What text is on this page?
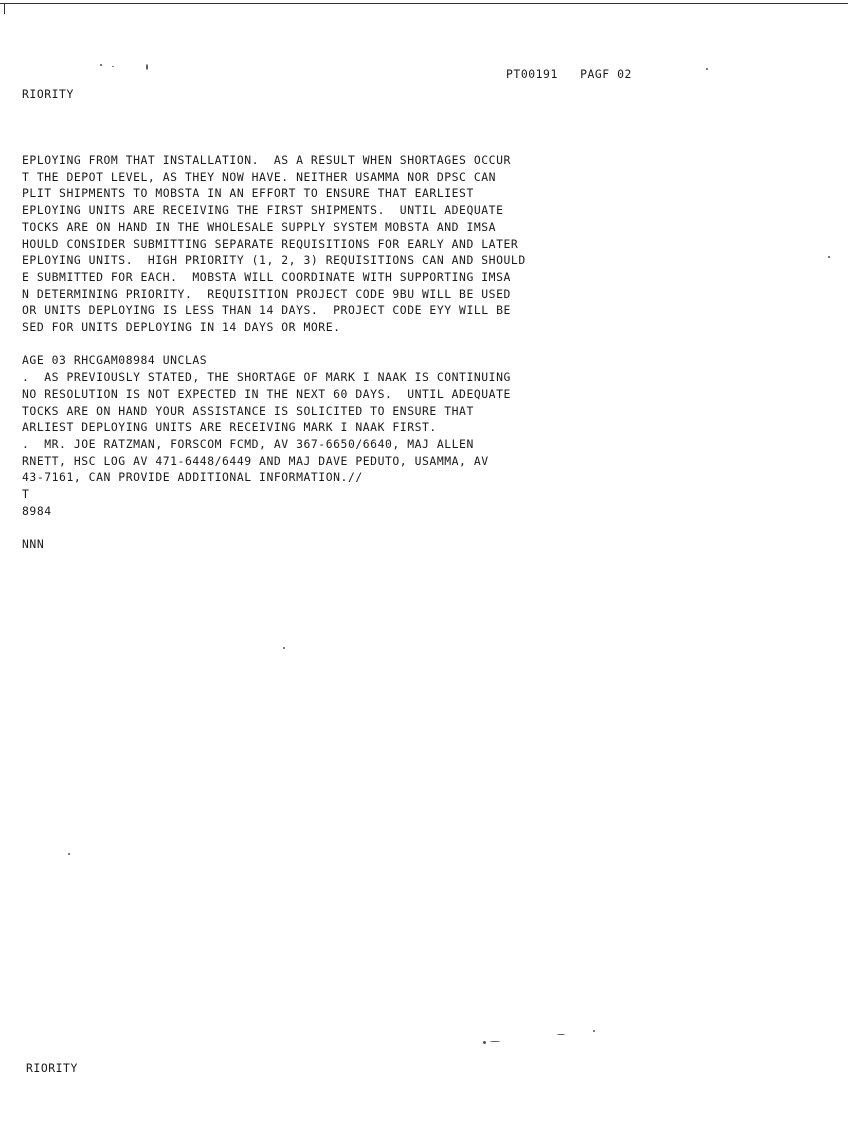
PT00191   PAGF 02
RIORITY
EPLOYING FROM THAT INSTALLATION.  AS A RESULT WHEN SHORTAGES OCCUR
T THE DEPOT LEVEL, AS THEY NOW HAVE. NEITHER USAMMA NOR DPSC CAN
PLIT SHIPMENTS TO MOBSTA IN AN EFFORT TO ENSURE THAT EARLIEST
EPLOYING UNITS ARE RECEIVING THE FIRST SHIPMENTS.  UNTIL ADEQUATE
TOCKS ARE ON HAND IN THE WHOLESALE SUPPLY SYSTEM MOBSTA AND IMSA
HOULD CONSIDER SUBMITTING SEPARATE REQUISITIONS FOR EARLY AND LATER
EPLOYING UNITS.  HIGH PRIORITY (1, 2, 3) REQUISITIONS CAN AND SHOULD
E SUBMITTED FOR EACH.  MOBSTA WILL COORDINATE WITH SUPPORTING IMSA
N DETERMINING PRIORITY.  REQUISITION PROJECT CODE 9BU WILL BE USED
OR UNITS DEPLOYING IS LESS THAN 14 DAYS.  PROJECT CODE EYY WILL BE
SED FOR UNITS DEPLOYING IN 14 DAYS OR MORE.

AGE 03 RHCGAM08984 UNCLAS
.  AS PREVIOUSLY STATED, THE SHORTAGE OF MARK I NAAK IS CONTINUING
NO RESOLUTION IS NOT EXPECTED IN THE NEXT 60 DAYS.  UNTIL ADEQUATE
TOCKS ARE ON HAND YOUR ASSISTANCE IS SOLICITED TO ENSURE THAT
ARLIEST DEPLOYING UNITS ARE RECEIVING MARK I NAAK FIRST.
.  MR. JOE RATZMAN, FORSCOM FCMD, AV 367-6650/6640, MAJ ALLEN
RNETT, HSC LOG AV 471-6448/6449 AND MAJ DAVE PEDUTO, USAMMA, AV
43-7161, CAN PROVIDE ADDITIONAL INFORMATION.//
T
8984

NNN
RIORITY
